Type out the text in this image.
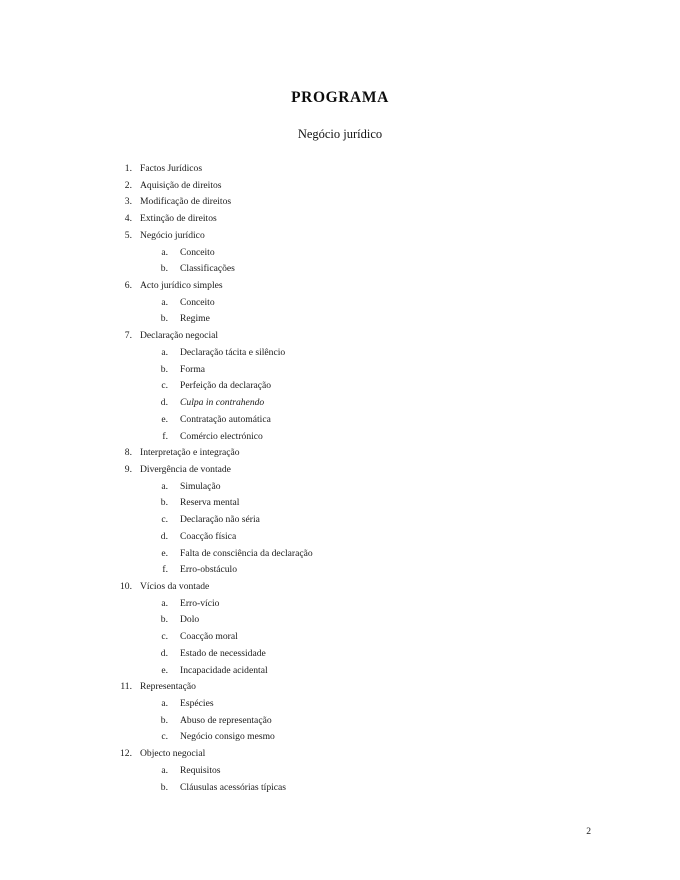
PROGRAMA
Negócio jurídico
1. Factos Jurídicos
2. Aquisição de direitos
3. Modificação de direitos
4. Extinção de direitos
5. Negócio jurídico
a. Conceito
b. Classificações
6. Acto jurídico simples
a. Conceito
b. Regime
7. Declaração negocial
a. Declaração tácita e silêncio
b. Forma
c. Perfeição da declaração
d. Culpa in contrahendo
e. Contratação automática
f. Comércio electrónico
8. Interpretação e integração
9. Divergência de vontade
a. Simulação
b. Reserva mental
c. Declaração não séria
d. Coacção física
e. Falta de consciência da declaração
f. Erro-obstáculo
10. Vícios da vontade
a. Erro-vício
b. Dolo
c. Coacção moral
d. Estado de necessidade
e. Incapacidade acidental
11. Representação
a. Espécies
b. Abuso de representação
c. Negócio consigo mesmo
12. Objecto negocial
a. Requisitos
b. Cláusulas acessórias típicas
2
